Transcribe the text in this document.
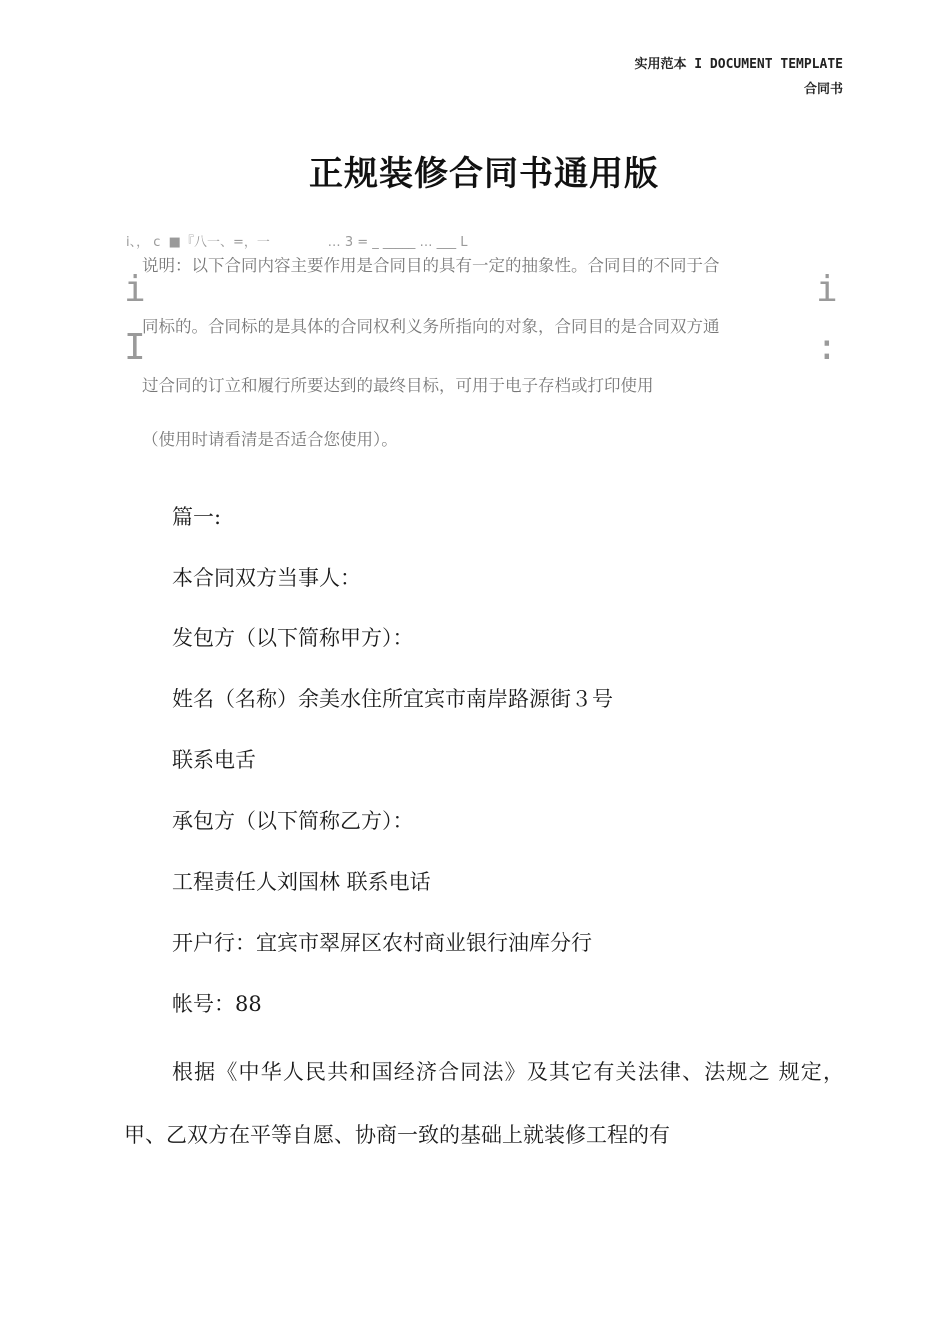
实用范本 I DOCUMENT TEMPLATE
合同书
正规装修合同书通用版
i、， c  ■『八一、=，一              … 3 = _ _____ … ___ L
i
I
i
:
说明：以下合同内容主要作用是合同目的具有一定的抽象性。合同目的不同于合
同标的。合同标的是具体的合同权利义务所指向的对象，合同目的是合同双方通
过合同的订立和履行所要达到的最终目标，可用于电子存档或打印使用
（使用时请看清是否适合您使用）。
篇一:
本合同双方当事人：
发包方（以下简称甲方）：
姓名（名称）余美水住所宜宾市南岸路源街３号
联系电舌
承包方（以下简称乙方）：
工程责任人刘国林 联系电话
开户行：宜宾市翠屏区农村商业银行油库分行
帐号：88
根据《中华人民共和国经济合同法》及其它有关法律、法规之 规定，甲、乙双方在平等自愿、协商一致的基础上就装修工程的有
